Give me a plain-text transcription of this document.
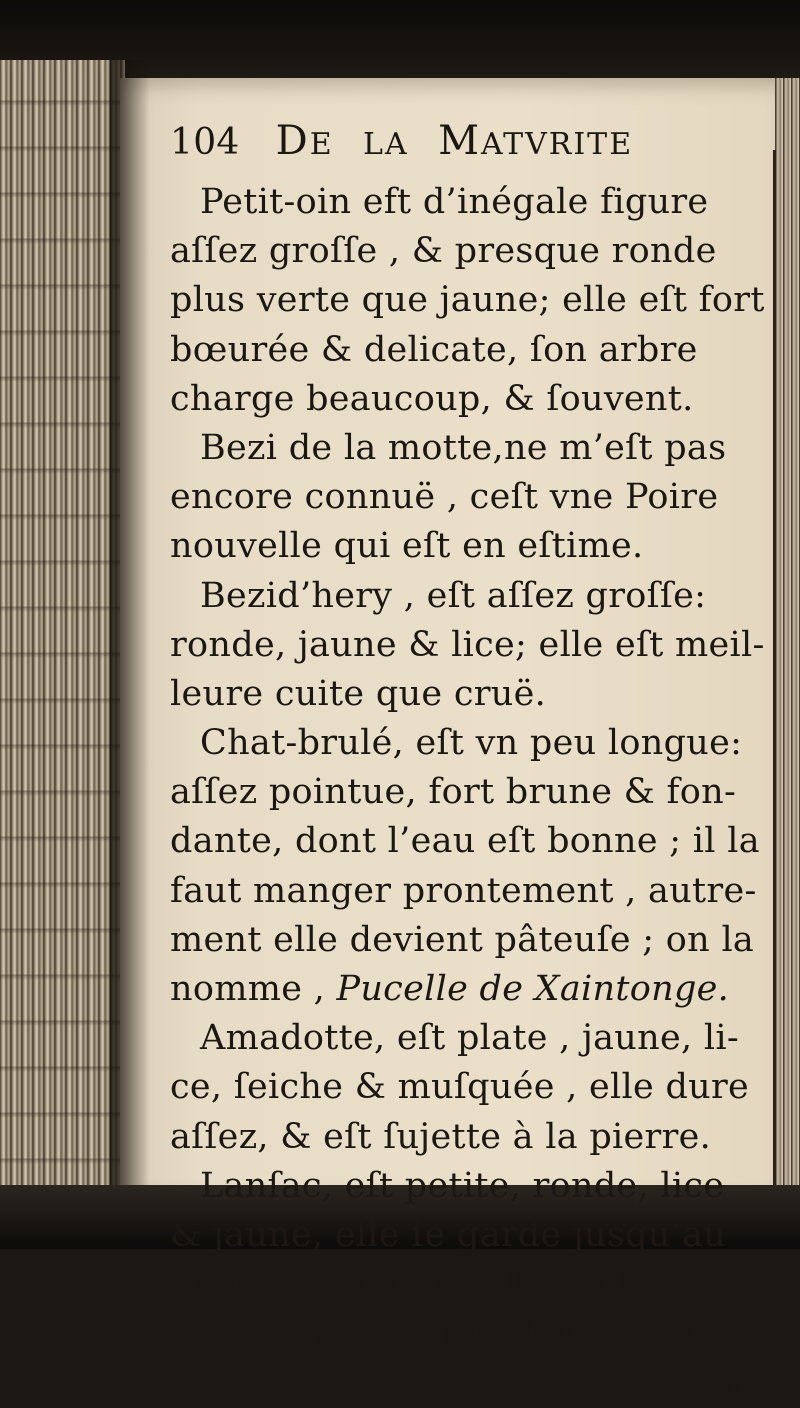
104 DE LA MATVRITE
Petit-oin eft d’inégale figure
aſſez groſſe , & presque ronde
plus verte que jaune; elle eſt fort
bœurée & delicate, ſon arbre
charge beaucoup, & ſouvent.
Bezi de la motte,ne m’eſt pas
encore connuë , ceſt vne Poire
nouvelle qui eſt en eſtime.
Bezid’hery , eſt aſſez groſſe:
ronde, jaune & lice; elle eſt meil-
leure cuite que cruë.
Chat-brulé, eſt vn peu longue:
aſſez pointue, fort brune & fon-
dante, dont l’eau eſt bonne ; il la
faut manger prontement , autre-
ment elle devient pâteuſe ; on la
nomme , Pucelle de Xaintonge.
Amadotte, eſt plate , jaune, li-
ce, ſeiche & muſquée , elle dure
aſſez, & eſt ſujette à la pierre.
Lanſac, eſt petite, ronde, lice
& jaune, elle ſe garde jusqu’au
mois de Iauvier , elle eſt tres bœu-
rée, & vne des meilleure. Poires
ſom
